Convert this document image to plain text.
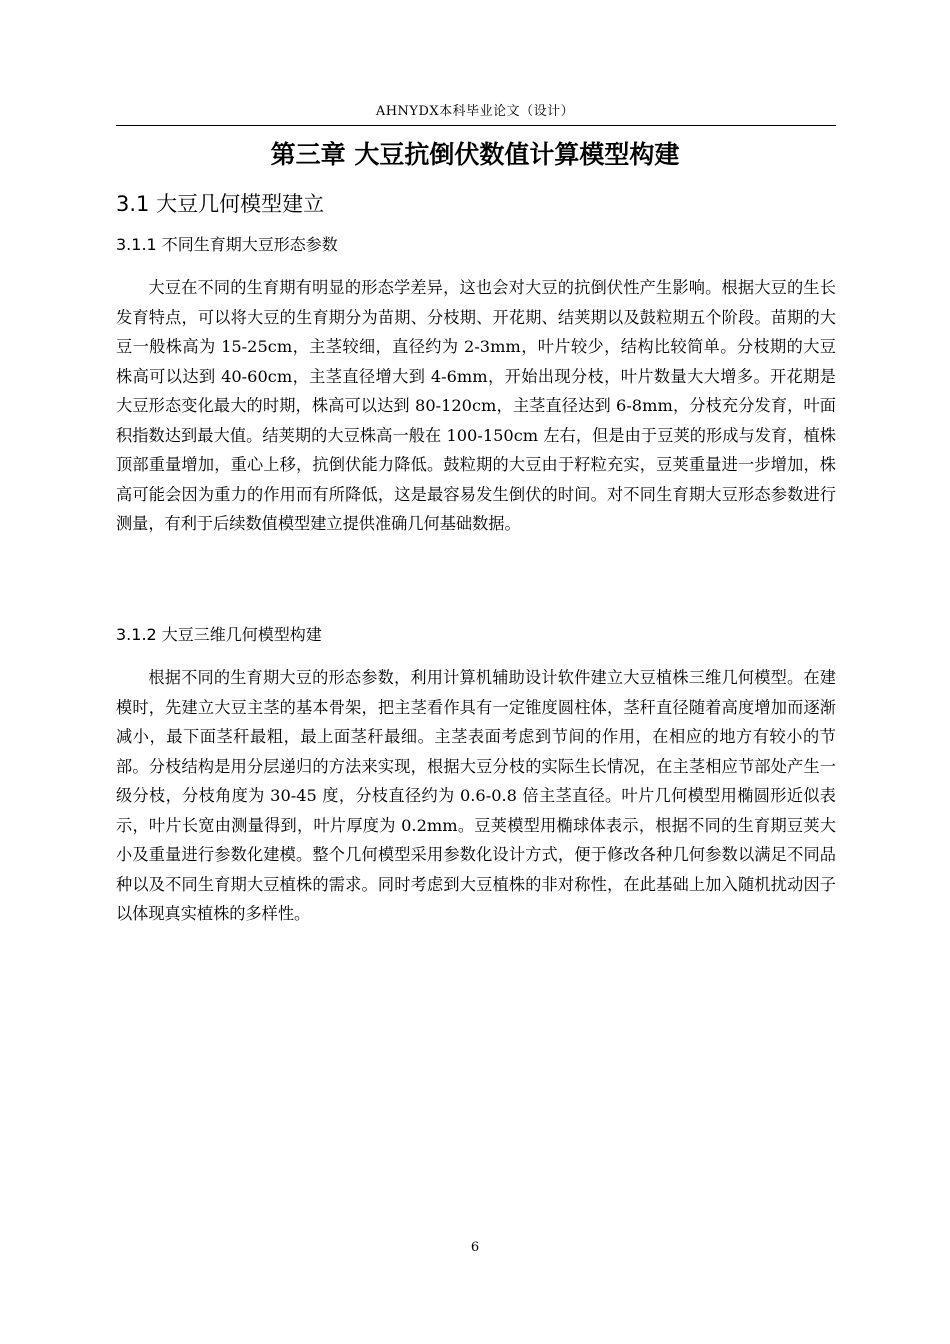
AHNYDX本科毕业论文（设计）
第三章 大豆抗倒伏数值计算模型构建
3.1 大豆几何模型建立
3.1.1 不同生育期大豆形态参数

大豆在不同的生育期有明显的形态学差异，这也会对大豆的抗倒伏性产生影响。根据大豆的生长发育特点，可以将大豆的生育期分为苗期、分枝期、开花期、结荚期以及鼓粒期五个阶段。苗期的大豆一般株高为 15-25cm，主茎较细，直径约为 2-3mm，叶片较少，结构比较简单。分枝期的大豆株高可以达到 40-60cm，主茎直径增大到 4-6mm，开始出现分枝，叶片数量大大增多。开花期是大豆形态变化最大的时期，株高可以达到 80-120cm，主茎直径达到 6-8mm，分枝充分发育，叶面积指数达到最大值。结荚期的大豆株高一般在 100-150cm 左右，但是由于豆荚的形成与发育，植株顶部重量增加，重心上移，抗倒伏能力降低。鼓粒期的大豆由于籽粒充实，豆荚重量进一步增加，株高可能会因为重力的作用而有所降低，这是最容易发生倒伏的时间。对不同生育期大豆形态参数进行测量，有利于后续数值模型建立提供准确几何基础数据。

3.1.2 大豆三维几何模型构建

根据不同的生育期大豆的形态参数，利用计算机辅助设计软件建立大豆植株三维几何模型。在建模时，先建立大豆主茎的基本骨架，把主茎看作具有一定锥度圆柱体，茎秆直径随着高度增加而逐渐减小，最下面茎秆最粗，最上面茎秆最细。主茎表面考虑到节间的作用，在相应的地方有较小的节部。分枝结构是用分层递归的方法来实现，根据大豆分枝的实际生长情况，在主茎相应节部处产生一级分枝，分枝角度为 30-45 度，分枝直径约为 0.6-0.8 倍主茎直径。叶片几何模型用椭圆形近似表示，叶片长宽由测量得到，叶片厚度为 0.2mm。豆荚模型用椭球体表示，根据不同的生育期豆荚大小及重量进行参数化建模。整个几何模型采用参数化设计方式，便于修改各种几何参数以满足不同品种以及不同生育期大豆植株的需求。同时考虑到大豆植株的非对称性，在此基础上加入随机扰动因子以体现真实植株的多样性。

6
